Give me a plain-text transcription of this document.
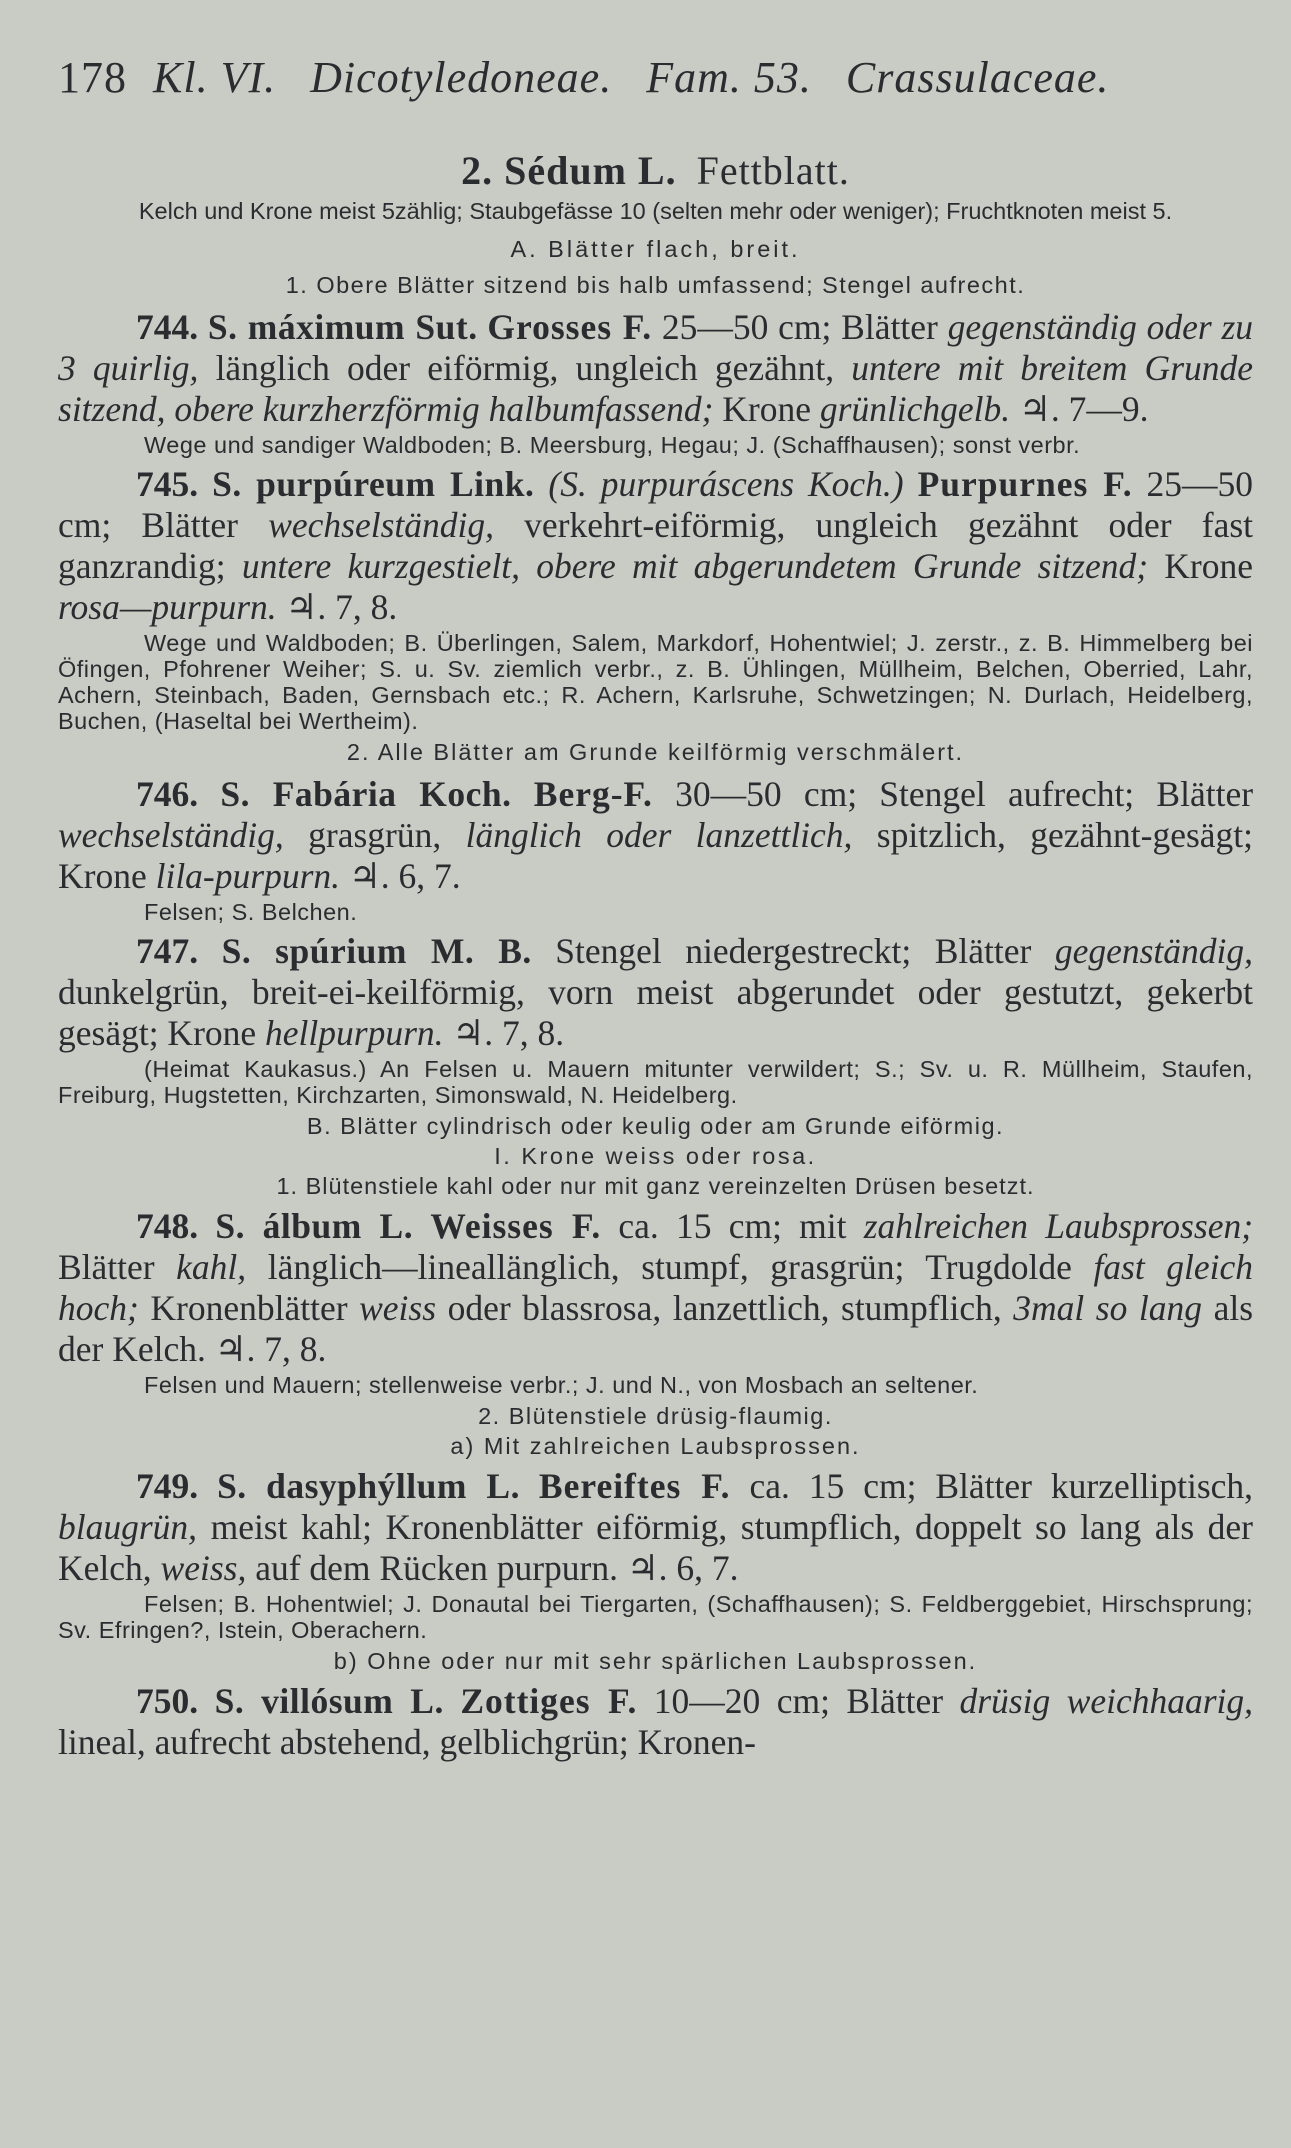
178 Kl. VI. Dicotyledoneae. Fam. 53. Crassulaceae.
2. Sédum L. Fettblatt.
Kelch und Krone meist 5zählig; Staubgefässe 10 (selten mehr oder weniger); Fruchtknoten meist 5.
A. Blätter flach, breit.
1. Obere Blätter sitzend bis halb umfassend; Stengel aufrecht.
744. S. máximum Sut. Grosses F. 25—50 cm; Blätter gegenständig oder zu 3 quirlig, länglich oder eiförmig, ungleich gezähnt, untere mit breitem Grunde sitzend, obere kurzherzförmig halbumfassend; Krone grünlichgelb. ♃. 7—9.
Wege und sandiger Waldboden; B. Meersburg, Hegau; J. (Schaffhausen); sonst verbr.
745. S. purpúreum Link. (S. purpuráscens Koch.) Purpurnes F. 25—50 cm; Blätter wechselständig, verkehrt-eiförmig, ungleich gezähnt oder fast ganzrandig; untere kurzgestielt, obere mit abgerundetem Grunde sitzend; Krone rosa—purpurn. ♃. 7, 8.
Wege und Waldboden; B. Überlingen, Salem, Markdorf, Hohentwiel; J. zerstr., z. B. Himmelberg bei Öfingen, Pfohrener Weiher; S. u. Sv. ziemlich verbr., z. B. Ühlingen, Müllheim, Belchen, Oberried, Lahr, Achern, Steinbach, Baden, Gernsbach etc.; R. Achern, Karlsruhe, Schwetzingen; N. Durlach, Heidelberg, Buchen, (Haseltal bei Wertheim).
2. Alle Blätter am Grunde keilförmig verschmälert.
746. S. Fabária Koch. Berg-F. 30—50 cm; Stengel aufrecht; Blätter wechselständig, grasgrün, länglich oder lanzettlich, spitzlich, gezähnt-gesägt; Krone lila-purpurn. ♃. 6, 7.
Felsen; S. Belchen.
747. S. spúrium M. B. Stengel niedergestreckt; Blätter gegenständig, dunkelgrün, breit-ei-keilförmig, vorn meist abgerundet oder gestutzt, gekerbt gesägt; Krone hellpurpurn. ♃. 7, 8.
(Heimat Kaukasus.) An Felsen u. Mauern mitunter verwildert; S.; Sv. u. R. Müllheim, Staufen, Freiburg, Hugstetten, Kirchzarten, Simonswald, N. Heidelberg.
B. Blätter cylindrisch oder keulig oder am Grunde eiförmig.
I. Krone weiss oder rosa.
1. Blütenstiele kahl oder nur mit ganz vereinzelten Drüsen besetzt.
748. S. álbum L. Weisses F. ca. 15 cm; mit zahlreichen Laubsprossen; Blätter kahl, länglich—lineallänglich, stumpf, grasgrün; Trugdolde fast gleich hoch; Kronenblätter weiss oder blassrosa, lanzettlich, stumpflich, 3mal so lang als der Kelch. ♃. 7, 8.
Felsen und Mauern; stellenweise verbr.; J. und N., von Mosbach an seltener.
2. Blütenstiele drüsig-flaumig.
a) Mit zahlreichen Laubsprossen.
749. S. dasyphýllum L. Bereiftes F. ca. 15 cm; Blätter kurzelliptisch, blaugrün, meist kahl; Kronenblätter eiförmig, stumpflich, doppelt so lang als der Kelch, weiss, auf dem Rücken purpurn. ♃. 6, 7.
Felsen; B. Hohentwiel; J. Donautal bei Tiergarten, (Schaffhausen); S. Feldberggebiet, Hirschsprung; Sv. Efringen?, Istein, Oberachern.
b) Ohne oder nur mit sehr spärlichen Laubsprossen.
750. S. villósum L. Zottiges F. 10—20 cm; Blätter drüsig weichhaarig, lineal, aufrecht abstehend, gelblichgrün; Kronen-
